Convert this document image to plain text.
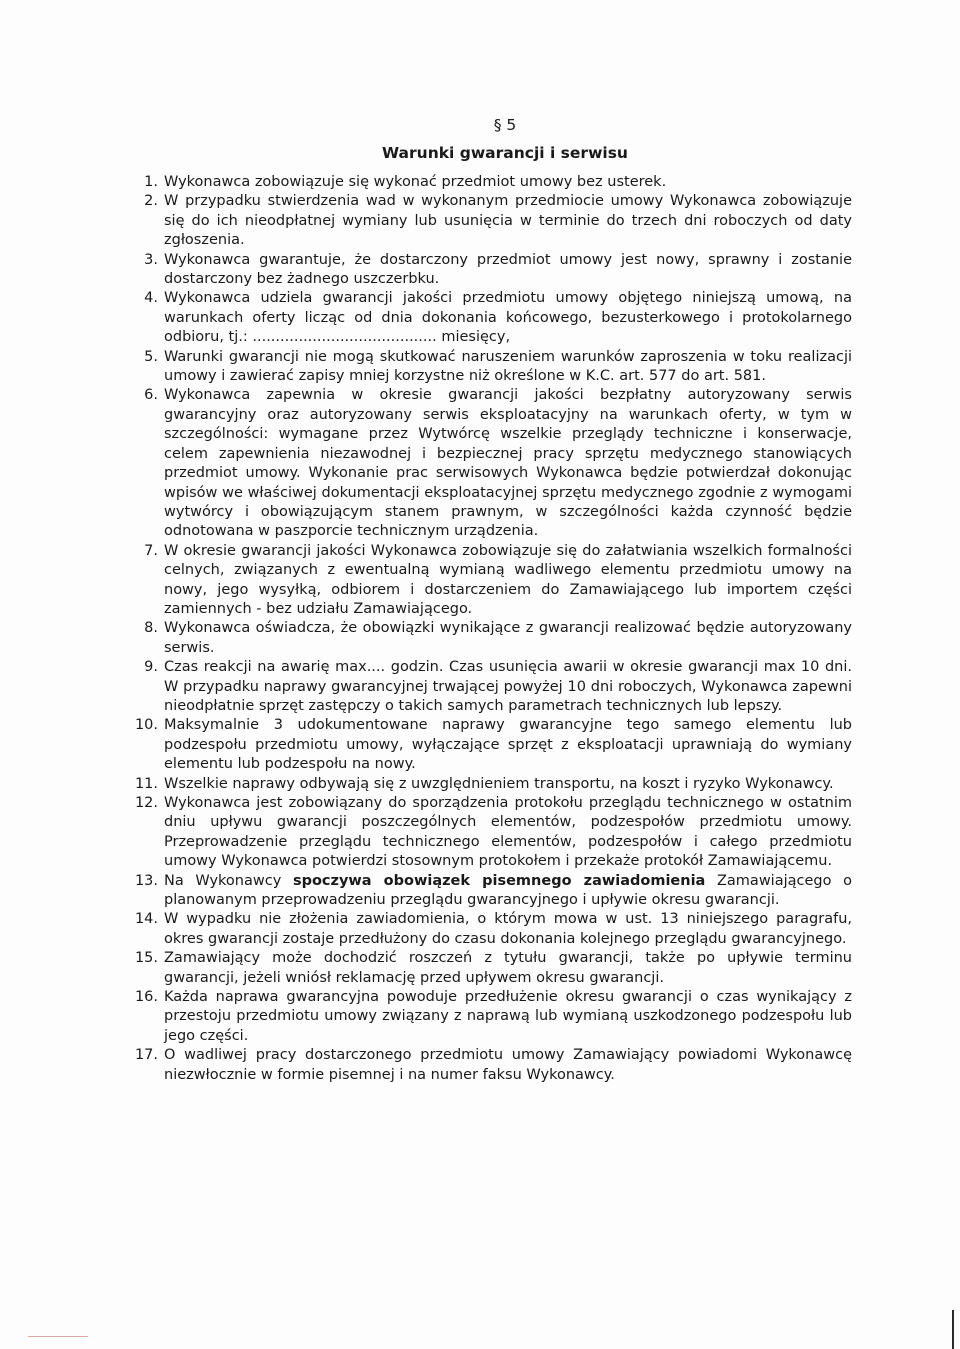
§ 5
Warunki gwarancji i serwisu
1. Wykonawca zobowiązuje się wykonać przedmiot umowy bez usterek.
2. W przypadku stwierdzenia wad w wykonanym przedmiocie umowy Wykonawca zobowiązuje się do ich nieodpłatnej wymiany lub usunięcia w terminie do trzech dni roboczych od daty zgłoszenia.
3. Wykonawca gwarantuje, że dostarczony przedmiot umowy jest nowy, sprawny i zostanie dostarczony bez żadnego uszczerbku.
4. Wykonawca udziela gwarancji jakości przedmiotu umowy objętego niniejszą umową, na warunkach oferty licząc od dnia dokonania końcowego, bezusterkowego i protokolarnego odbioru, tj.: ........................................ miesięcy,
5. Warunki gwarancji nie mogą skutkować naruszeniem warunków zaproszenia w toku realizacji umowy i zawierać zapisy mniej korzystne niż określone w K.C. art. 577 do art. 581.
6. Wykonawca zapewnia w okresie gwarancji jakości bezpłatny autoryzowany serwis gwarancyjny oraz autoryzowany serwis eksploatacyjny na warunkach oferty, w tym w szczególności: wymagane przez Wytwórcę wszelkie przeglądy techniczne i konserwacje, celem zapewnienia niezawodnej i bezpiecznej pracy sprzętu medycznego stanowiących przedmiot umowy. Wykonanie prac serwisowych Wykonawca będzie potwierdzał dokonując wpisów we właściwej dokumentacji eksploatacyjnej sprzętu medycznego zgodnie z wymogami wytwórcy i obowiązującym stanem prawnym, w szczególności każda czynność będzie odnotowana w paszporcie technicznym urządzenia.
7. W okresie gwarancji jakości Wykonawca zobowiązuje się do załatwiania wszelkich formalności celnych, związanych z ewentualną wymianą wadliwego elementu przedmiotu umowy na nowy, jego wysyłką, odbiorem i dostarczeniem do Zamawiającego lub importem części zamiennych - bez udziału Zamawiającego.
8. Wykonawca oświadcza, że obowiązki wynikające z gwarancji realizować będzie autoryzowany serwis.
9. Czas reakcji na awarię max.... godzin. Czas usunięcia awarii w okresie gwarancji max 10 dni. W przypadku naprawy gwarancyjnej trwającej powyżej 10 dni roboczych, Wykonawca zapewni nieodpłatnie sprzęt zastępczy o takich samych parametrach technicznych lub lepszy.
10. Maksymalnie 3 udokumentowane naprawy gwarancyjne tego samego elementu lub podzespołu przedmiotu umowy, wyłączające sprzęt z eksploatacji uprawniają do wymiany elementu lub podzespołu na nowy.
11. Wszelkie naprawy odbywają się z uwzględnieniem transportu, na koszt i ryzyko Wykonawcy.
12. Wykonawca jest zobowiązany do sporządzenia protokołu przeglądu technicznego w ostatnim dniu upływu gwarancji poszczególnych elementów, podzespołów przedmiotu umowy. Przeprowadzenie przeglądu technicznego elementów, podzespołów i całego przedmiotu umowy Wykonawca potwierdzi stosownym protokołem i przekaże protokół Zamawiającemu.
13. Na Wykonawcy spoczywa obowiązek pisemnego zawiadomienia Zamawiającego o planowanym przeprowadzeniu przeglądu gwarancyjnego i upływie okresu gwarancji.
14. W wypadku nie złożenia zawiadomienia, o którym mowa w ust. 13 niniejszego paragrafu, okres gwarancji zostaje przedłużony do czasu dokonania kolejnego przeglądu gwarancyjnego.
15. Zamawiający może dochodzić roszczeń z tytułu gwarancji, także po upływie terminu gwarancji, jeżeli wniósł reklamację przed upływem okresu gwarancji.
16. Każda naprawa gwarancyjna powoduje przedłużenie okresu gwarancji o czas wynikający z przestoju przedmiotu umowy związany z naprawą lub wymianą uszkodzonego podzespołu lub jego części.
17. O wadliwej pracy dostarczonego przedmiotu umowy Zamawiający powiadomi Wykonawcę niezwłocznie w formie pisemnej i na numer faksu Wykonawcy.
